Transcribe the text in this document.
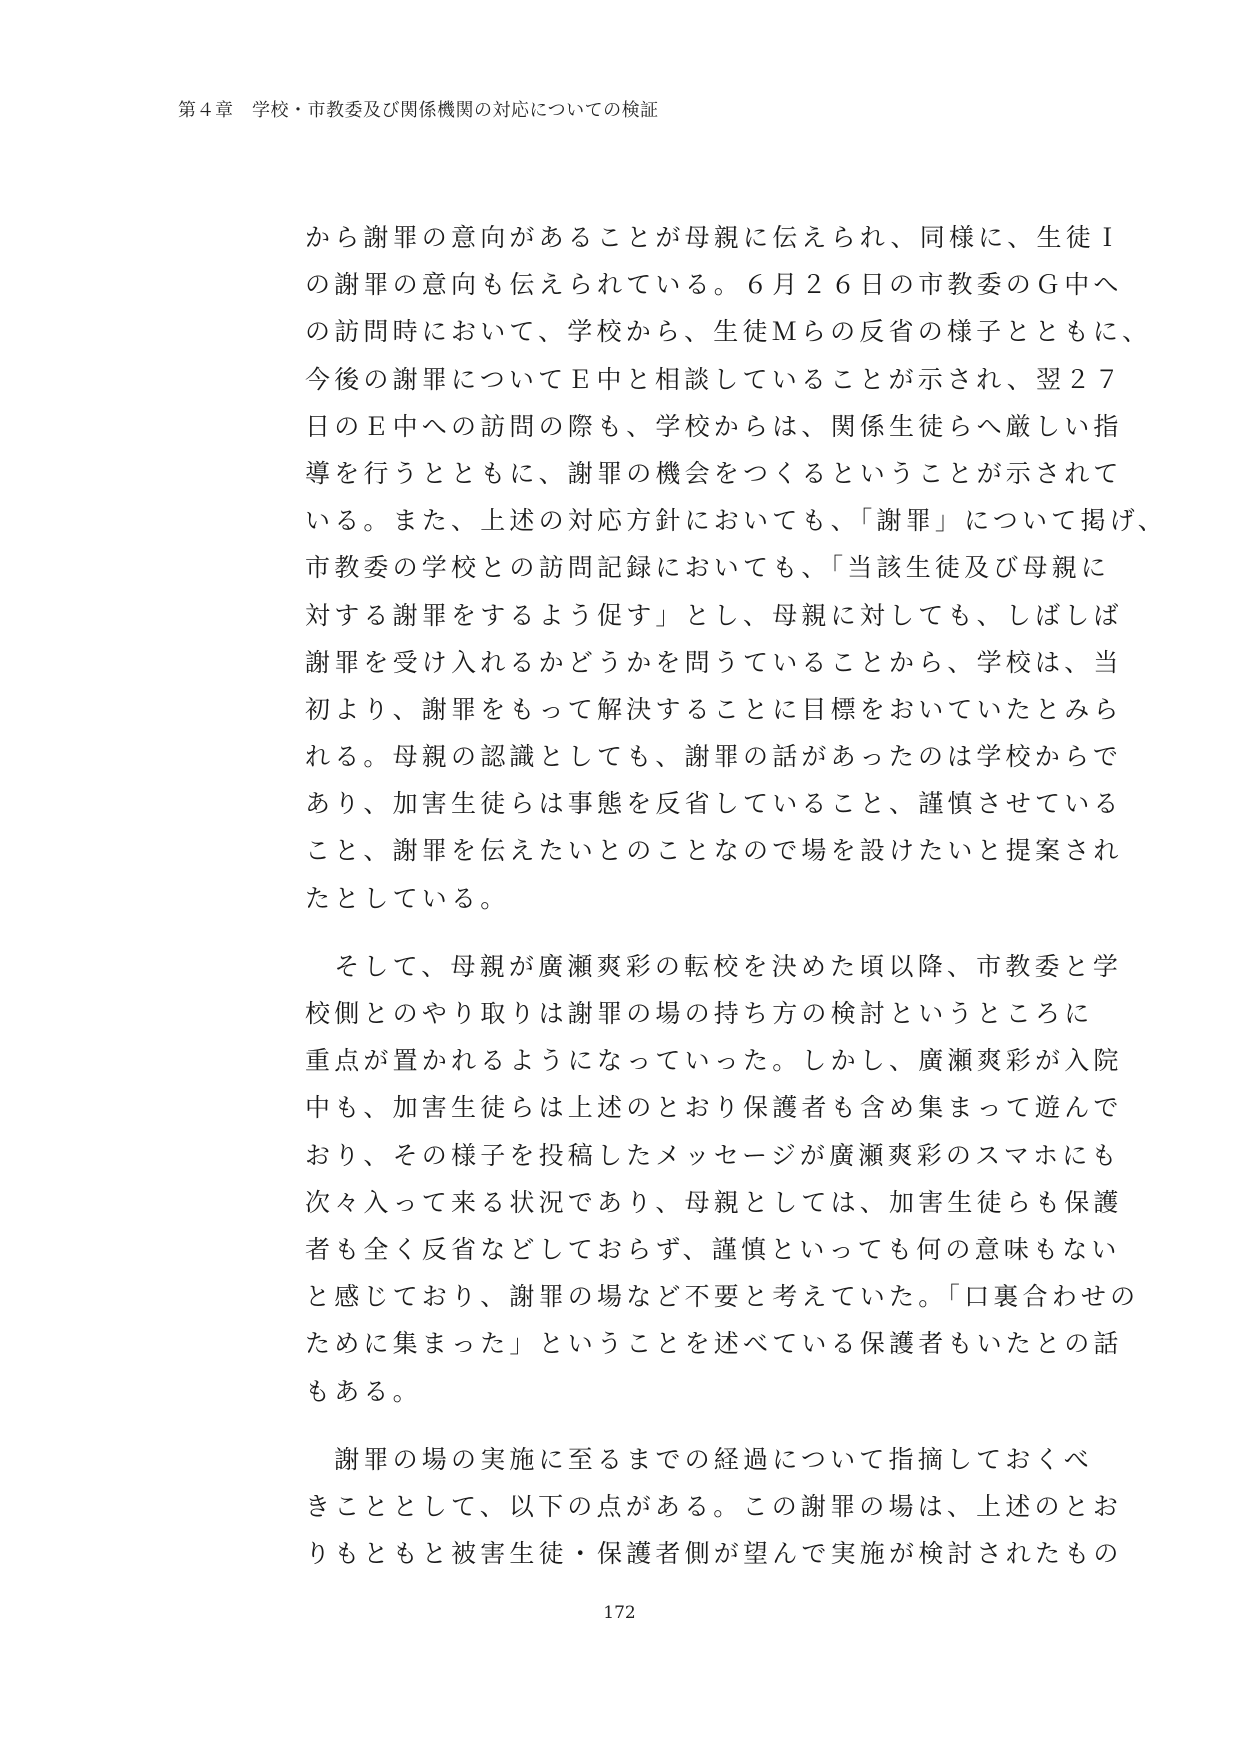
第４章　学校・市教委及び関係機関の対応についての検証
から謝罪の意向があることが母親に伝えられ、同様に、生徒Ｉ
の謝罪の意向も伝えられている。６月２６日の市教委のＧ中へ
の訪問時において、学校から、生徒Ｍらの反省の様子とともに、
今後の謝罪についてＥ中と相談していることが示され、翌２７
日のＥ中への訪問の際も、学校からは、関係生徒らへ厳しい指
導を行うとともに、謝罪の機会をつくるということが示されて
いる。また、上述の対応方針においても、「謝罪」について掲げ、
市教委の学校との訪問記録においても、「当該生徒及び母親に
対する謝罪をするよう促す」とし、母親に対しても、しばしば
謝罪を受け入れるかどうかを問うていることから、学校は、当
初より、謝罪をもって解決することに目標をおいていたとみら
れる。母親の認識としても、謝罪の話があったのは学校からで
あり、加害生徒らは事態を反省していること、謹慎させている
こと、謝罪を伝えたいとのことなので場を設けたいと提案され
たとしている。
　そして、母親が廣瀬爽彩の転校を決めた頃以降、市教委と学
校側とのやり取りは謝罪の場の持ち方の検討というところに
重点が置かれるようになっていった。しかし、廣瀬爽彩が入院
中も、加害生徒らは上述のとおり保護者も含め集まって遊んで
おり、その様子を投稿したメッセージが廣瀬爽彩のスマホにも
次々入って来る状況であり、母親としては、加害生徒らも保護
者も全く反省などしておらず、謹慎といっても何の意味もない
と感じており、謝罪の場など不要と考えていた。「口裏合わせの
ために集まった」ということを述べている保護者もいたとの話
もある。
　謝罪の場の実施に至るまでの経過について指摘しておくべ
きこととして、以下の点がある。この謝罪の場は、上述のとお
りもともと被害生徒・保護者側が望んで実施が検討されたもの
172
